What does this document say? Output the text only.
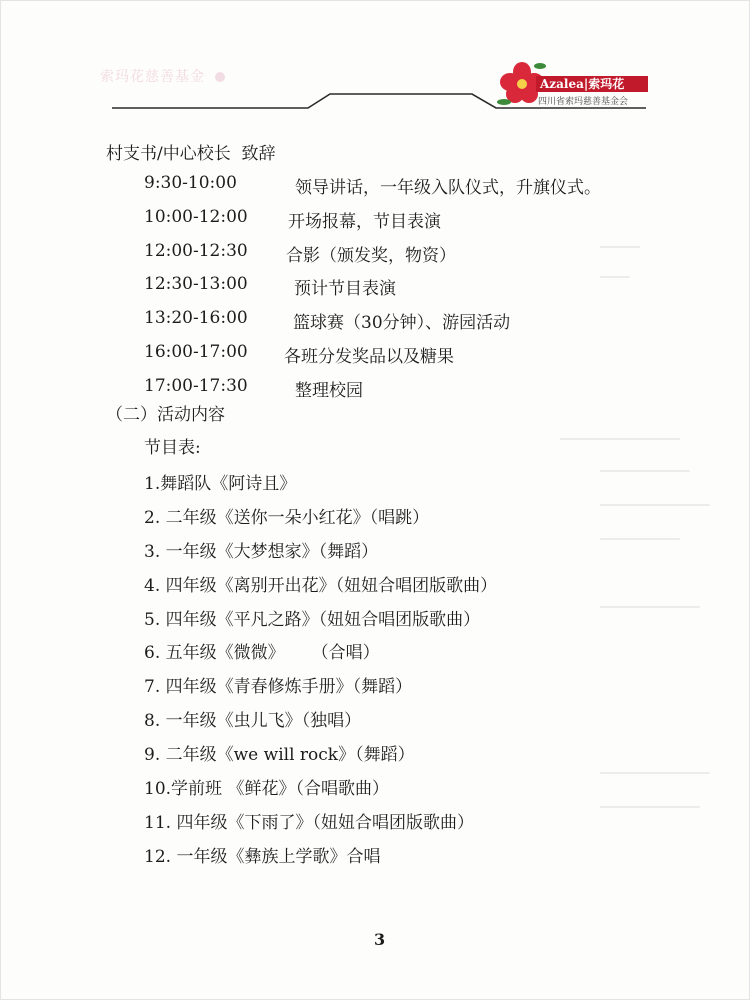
索玛花慈善基金	Azalea|索玛花
四川省索玛慈善基金会
村支书/中心校长  致辞
9:30-10:00	领导讲话，一年级入队仪式，升旗仪式。
10:00-12:00 开场报幕，节目表演
12:00-12:30 合影（颁发奖，物资）
12:30-13:00	预计节目表演
13:20-16:00	篮球赛（30分钟）、游园活动
16:00-17:00 各班分发奖品以及糖果
17:00-17:30	整理校园
（二）活动内容
节目表:
1.舞蹈队《阿诗且》
2. 二年级《送你一朵小红花》（唱跳）
3. 一年级《大梦想家》（舞蹈）
4. 四年级《离别开出花》（妞妞合唱团版歌曲）
5. 四年级《平凡之路》（妞妞合唱团版歌曲）
6. 五年级《微微》     （合唱）
7. 四年级《青春修炼手册》（舞蹈）
8. 一年级《虫儿飞》（独唱）
9. 二年级《we will rock》（舞蹈）
10.学前班 《鲜花》（合唱歌曲）
11. 四年级《下雨了》（妞妞合唱团版歌曲）
12. 一年级《彝族上学歌》合唱
3
